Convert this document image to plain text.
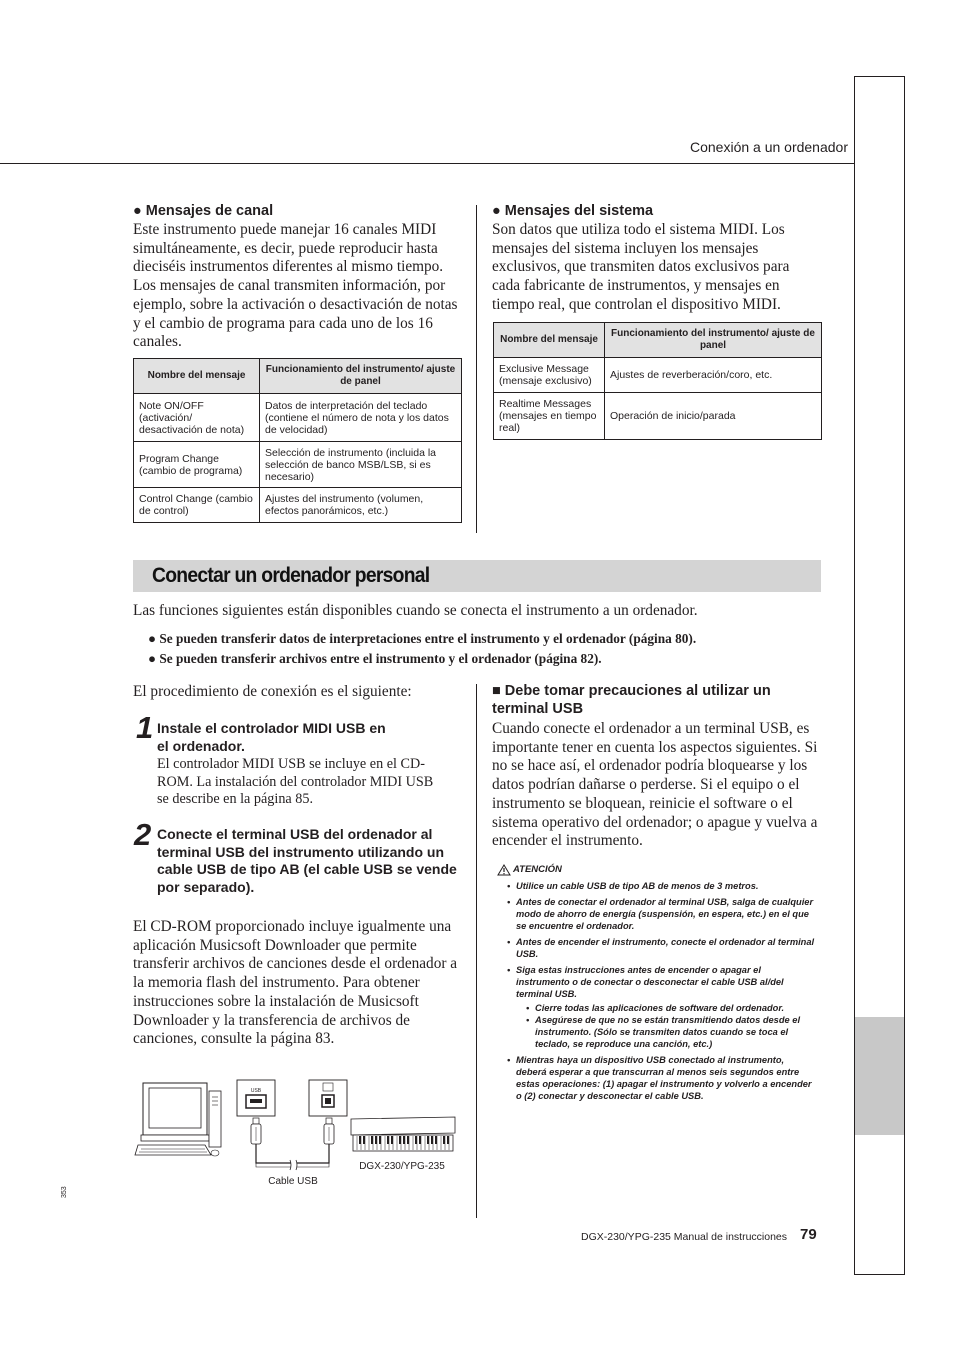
Conexión a un ordenador
● Mensajes de canal
Este instrumento puede manejar 16 canales MIDI simultáneamente, es decir, puede reproducir hasta dieciséis instrumentos diferentes al mismo tiempo. Los mensajes de canal transmiten información, por ejemplo, sobre la activación o desactivación de notas y el cambio de programa para cada uno de los 16 canales.
Nombre del mensaje	Funcionamiento del instrumento/ ajuste de panel
Note ON/OFF (activación/ desactivación de nota)	Datos de interpretación del teclado (contiene el número de nota y los datos de velocidad)
Program Change (cambio de programa)	Selección de instrumento (incluida la selección de banco MSB/LSB, si es necesario)
Control Change (cambio de control)	Ajustes del instrumento (volumen, efectos panorámicos, etc.)
● Mensajes del sistema
Son datos que utiliza todo el sistema MIDI. Los mensajes del sistema incluyen los mensajes exclusivos, que transmiten datos exclusivos para cada fabricante de instrumentos, y mensajes en tiempo real, que controlan el dispositivo MIDI.
Nombre del mensaje	Funcionamiento del instrumento/ ajuste de panel
Exclusive Message (mensaje exclusivo)	Ajustes de reverberación/coro, etc.
Realtime Messages (mensajes en tiempo real)	Operación de inicio/parada
Conectar un ordenador personal
Las funciones siguientes están disponibles cuando se conecta el instrumento a un ordenador.
● Se pueden transferir datos de interpretaciones entre el instrumento y el ordenador (página 80).
● Se pueden transferir archivos entre el instrumento y el ordenador (página 82).
El procedimiento de conexión es el siguiente:
1 Instale el controlador MIDI USB en el ordenador.
El controlador MIDI USB se incluye en el CD-ROM. La instalación del controlador MIDI USB se describe en la página 85.
2 Conecte el terminal USB del ordenador al terminal USB del instrumento utilizando un cable USB de tipo AB (el cable USB se vende por separado).
El CD-ROM proporcionado incluye igualmente una aplicación Musicsoft Downloader que permite transferir archivos de canciones desde el ordenador a la memoria flash del instrumento. Para obtener instrucciones sobre la instalación de Musicsoft Downloader y la transferencia de archivos de canciones, consulte la página 83.
USB
DGX-230/YPG-235
Cable USB
■ Debe tomar precauciones al utilizar un terminal USB
Cuando conecte el ordenador a un terminal USB, es importante tener en cuenta los aspectos siguientes. Si no se hace así, el ordenador podría bloquearse y los datos podrían dañarse o perderse. Si el equipo o el instrumento se bloquean, reinicie el software o el sistema operativo del ordenador; o apague y vuelva a encender el instrumento.
ATENCIÓN
• Utilice un cable USB de tipo AB de menos de 3 metros.
• Antes de conectar el ordenador al terminal USB, salga de cualquier modo de ahorro de energía (suspensión, en espera, etc.) en el que se encuentre el ordenador.
• Antes de encender el instrumento, conecte el ordenador al terminal USB.
• Siga estas instrucciones antes de encender o apagar el instrumento o de conectar o desconectar el cable USB al/del terminal USB.
• Cierre todas las aplicaciones de software del ordenador.
• Asegúrese de que no se están transmitiendo datos desde el instrumento. (Sólo se transmiten datos cuando se toca el teclado, se reproduce una canción, etc.)
• Mientras haya un dispositivo USB conectado al instrumento, deberá esperar a que transcurran al menos seis segundos entre estas operaciones: (1) apagar el instrumento y volverlo a encender o (2) conectar y desconectar el cable USB.
353
DGX-230/YPG-235 Manual de instrucciones 79
